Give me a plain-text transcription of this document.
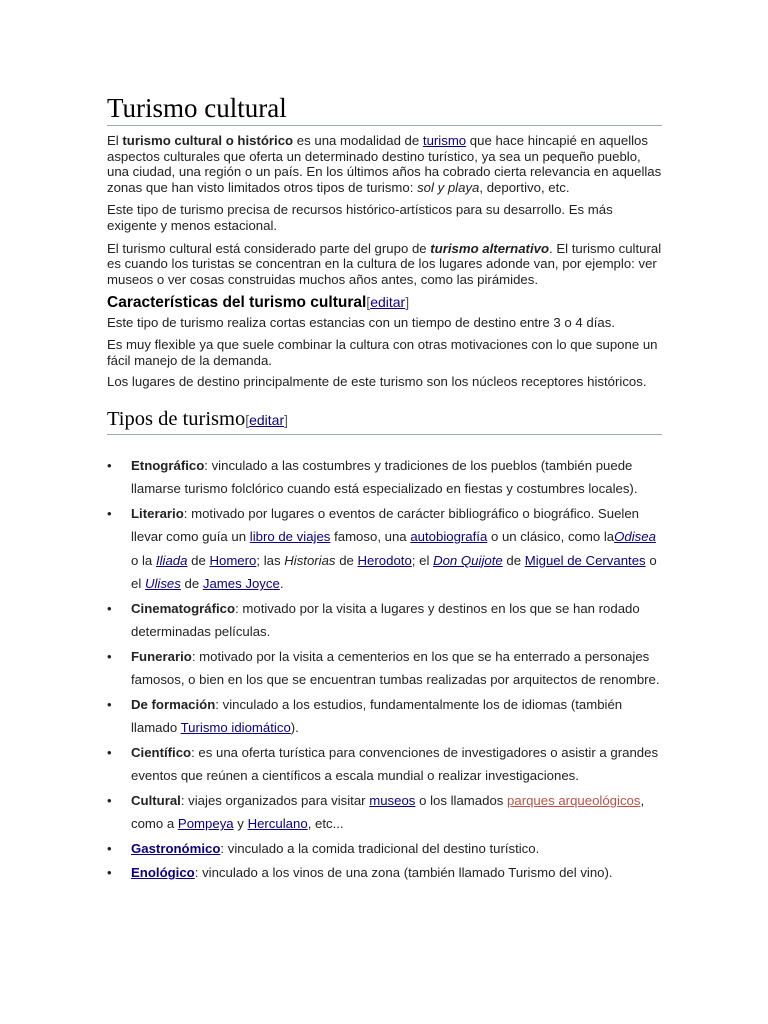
Turismo cultural

El turismo cultural o histórico es una modalidad de turismo que hace hincapié en aquellos aspectos culturales que oferta un determinado destino turístico, ya sea un pequeño pueblo, una ciudad, una región o un país. En los últimos años ha cobrado cierta relevancia en aquellas zonas que han visto limitados otros tipos de turismo: sol y playa, deportivo, etc.

Este tipo de turismo precisa de recursos histórico-artísticos para su desarrollo. Es más exigente y menos estacional.

El turismo cultural está considerado parte del grupo de turismo alternativo. El turismo cultural es cuando los turistas se concentran en la cultura de los lugares adonde van, por ejemplo: ver museos o ver cosas construidas muchos años antes, como las pirámides.

Características del turismo cultural[editar]

Este tipo de turismo realiza cortas estancias con un tiempo de destino entre 3 o 4 días.

Es muy flexible ya que suele combinar la cultura con otras motivaciones con lo que supone un fácil manejo de la demanda.

Los lugares de destino principalmente de este turismo son los núcleos receptores históricos.

Tipos de turismo[editar]
• Etnográfico: vinculado a las costumbres y tradiciones de los pueblos (también puede llamarse turismo folclórico cuando está especializado en fiestas y costumbres locales).
• Literario: motivado por lugares o eventos de carácter bibliográfico o biográfico. Suelen llevar como guía un libro de viajes famoso, una autobiografía o un clásico, como laOdisea o la Iliada de Homero; las Historias de Herodoto; el Don Quijote de Miguel de Cervantes o el Ulises de James Joyce.
• Cinematográfico: motivado por la visita a lugares y destinos en los que se han rodado determinadas películas.
• Funerario: motivado por la visita a cementerios en los que se ha enterrado a personajes famosos, o bien en los que se encuentran tumbas realizadas por arquitectos de renombre.
• De formación: vinculado a los estudios, fundamentalmente los de idiomas (también llamado Turismo idiomático).
• Científico: es una oferta turística para convenciones de investigadores o asistir a grandes eventos que reúnen a científicos a escala mundial o realizar investigaciones.
• Cultural: viajes organizados para visitar museos o los llamados parques arqueológicos, como a Pompeya y Herculano, etc...
• Gastronómico: vinculado a la comida tradicional del destino turístico.
• Enológico: vinculado a los vinos de una zona (también llamado Turismo del vino).
